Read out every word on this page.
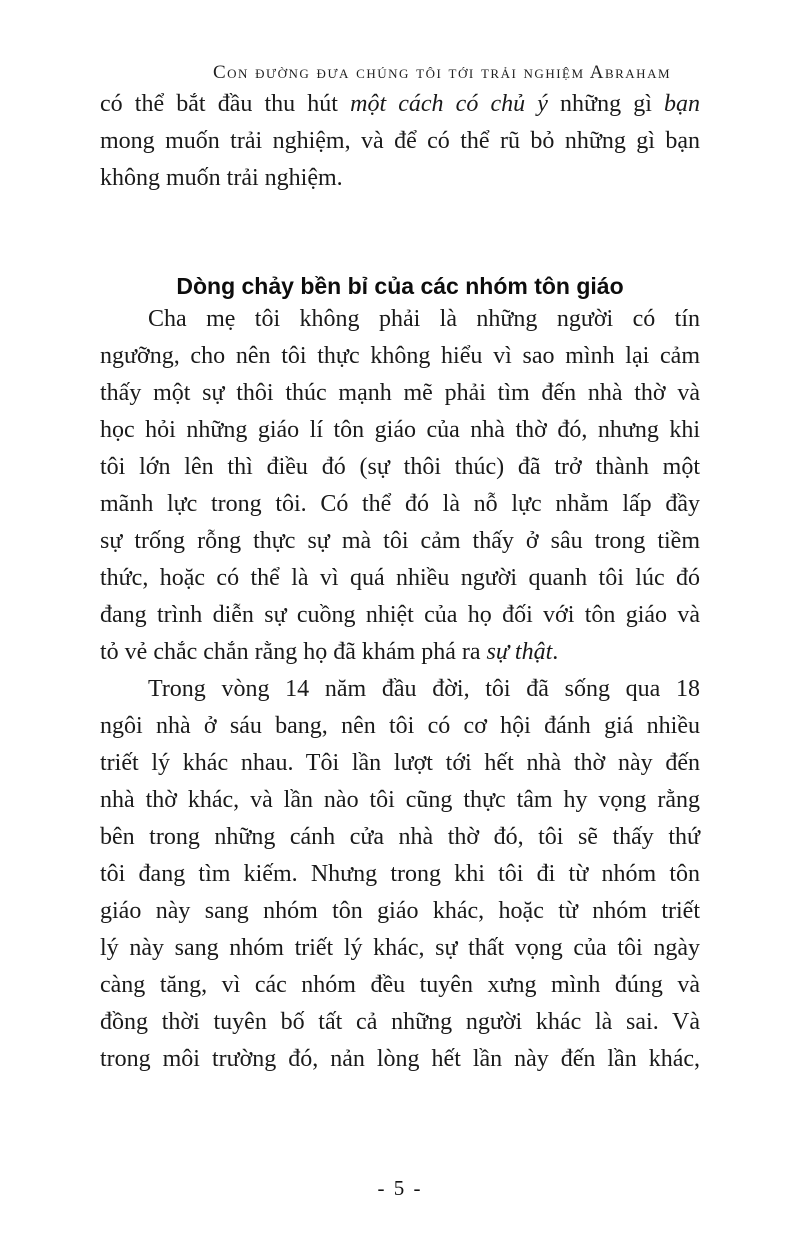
Con đường đưa chúng tôi tới trải nghiệm Abraham
có thể bắt đầu thu hút một cách có chủ ý những gì bạn
mong muốn trải nghiệm, và để có thể rũ bỏ những gì bạn
không muốn trải nghiệm.
Dòng chảy bền bỉ của các nhóm tôn giáo
Cha mẹ tôi không phải là những người có tín
ngưỡng, cho nên tôi thực không hiểu vì sao mình lại cảm
thấy một sự thôi thúc mạnh mẽ phải tìm đến nhà thờ và
học hỏi những giáo lí tôn giáo của nhà thờ đó, nhưng khi
tôi lớn lên thì điều đó (sự thôi thúc) đã trở thành một
mãnh lực trong tôi. Có thể đó là nỗ lực nhằm lấp đầy
sự trống rỗng thực sự mà tôi cảm thấy ở sâu trong tiềm
thức, hoặc có thể là vì quá nhiều người quanh tôi lúc đó
đang trình diễn sự cuồng nhiệt của họ đối với tôn giáo và
tỏ vẻ chắc chắn rằng họ đã khám phá ra sự thật.
Trong vòng 14 năm đầu đời, tôi đã sống qua 18
ngôi nhà ở sáu bang, nên tôi có cơ hội đánh giá nhiều
triết lý khác nhau. Tôi lần lượt tới hết nhà thờ này đến
nhà thờ khác, và lần nào tôi cũng thực tâm hy vọng rằng
bên trong những cánh cửa nhà thờ đó, tôi sẽ thấy thứ
tôi đang tìm kiếm. Nhưng trong khi tôi đi từ nhóm tôn
giáo này sang nhóm tôn giáo khác, hoặc từ nhóm triết
lý này sang nhóm triết lý khác, sự thất vọng của tôi ngày
càng tăng, vì các nhóm đều tuyên xưng mình đúng và
đồng thời tuyên bố tất cả những người khác là sai. Và
trong môi trường đó, nản lòng hết lần này đến lần khác,
- 5 -
